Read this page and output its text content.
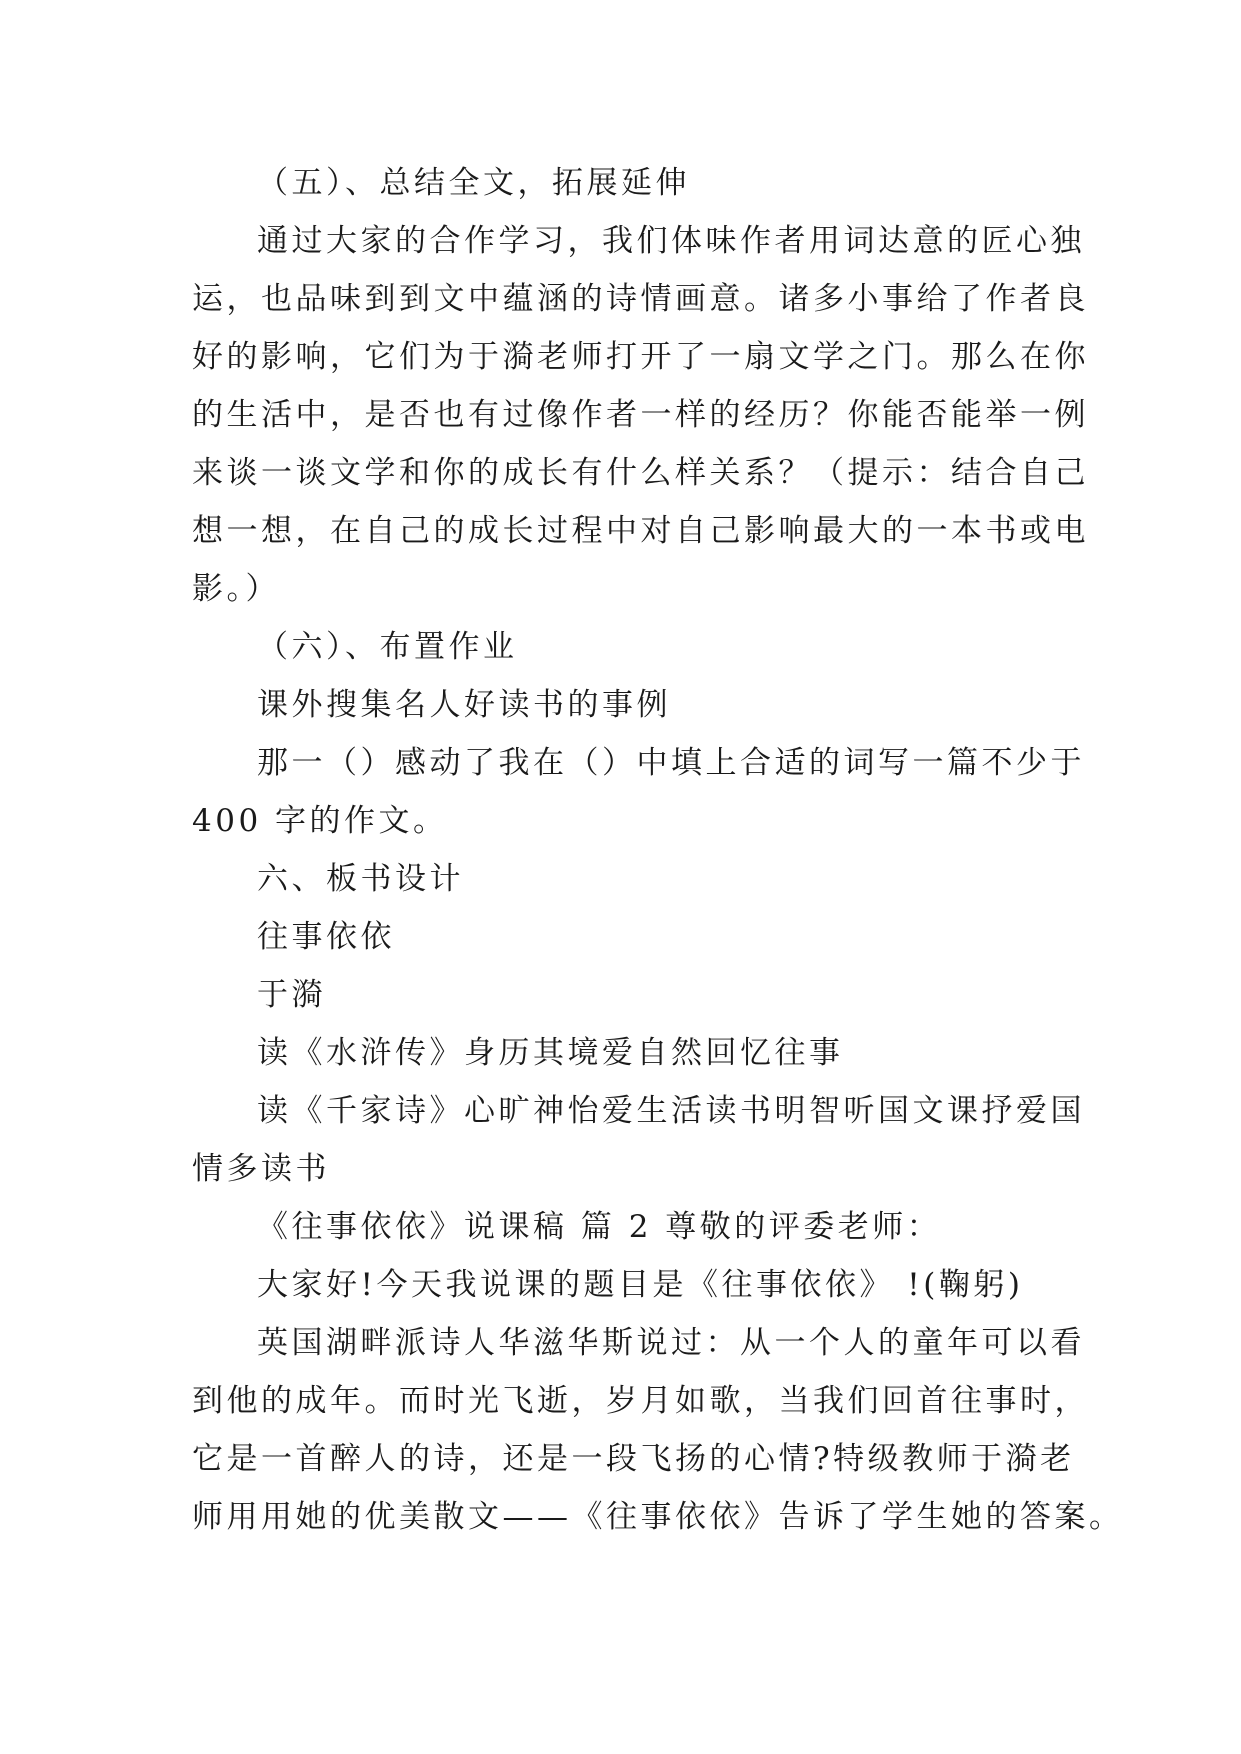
（五）、总结全文，拓展延伸
通过大家的合作学习，我们体味作者用词达意的匠心独
运，也品味到到文中蕴涵的诗情画意。诸多小事给了作者良
好的影响，它们为于漪老师打开了一扇文学之门。那么在你
的生活中，是否也有过像作者一样的经历？你能否能举一例
来谈一谈文学和你的成长有什么样关系？（提示：结合自己
想一想，在自己的成长过程中对自己影响最大的一本书或电
影。）
（六）、布置作业
课外搜集名人好读书的事例
那一（）感动了我在（）中填上合适的词写一篇不少于
400 字的作文。
六、板书设计
往事依依
于漪
读《水浒传》身历其境爱自然回忆往事
读《千家诗》心旷神怡爱生活读书明智听国文课抒爱国
情多读书
《往事依依》说课稿 篇 2 尊敬的评委老师：
大家好!今天我说课的题目是《往事依依》 !(鞠躬)
英国湖畔派诗人华滋华斯说过：从一个人的童年可以看
到他的成年。而时光飞逝，岁月如歌，当我们回首往事时，
它是一首醉人的诗，还是一段飞扬的心情?特级教师于漪老
师用用她的优美散文——《往事依依》告诉了学生她的答案。
